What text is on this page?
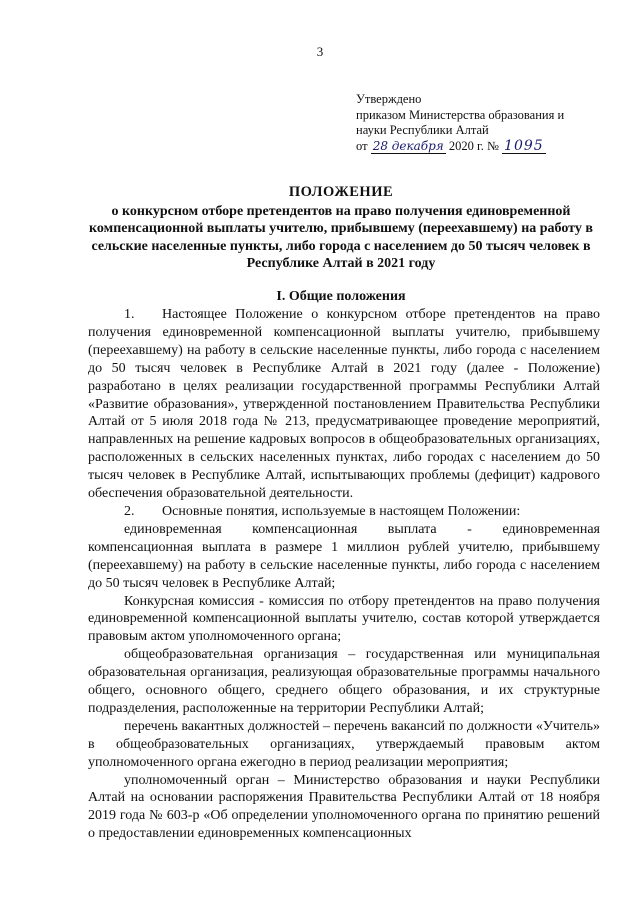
3
Утверждено
приказом Министерства образования и
науки Республики Алтай
от 28 декабря 2020 г. № 1095
ПОЛОЖЕНИЕ
о конкурсном отборе претендентов на право получения единовременной компенсационной выплаты учителю, прибывшему (переехавшему) на работу в сельские населенные пункты, либо города с населением до 50 тысяч человек в Республике Алтай в 2021 году
I. Общие положения

1. Настоящее Положение о конкурсном отборе претендентов на право получения единовременной компенсационной выплаты учителю, прибывшему (переехавшему) на работу в сельские населенные пункты, либо города с населением до 50 тысяч человек в Республике Алтай в 2021 году (далее - Положение) разработано в целях реализации государственной программы Республики Алтай «Развитие образования», утвержденной постановлением Правительства Республики Алтай от 5 июля 2018 года № 213, предусматривающее проведение мероприятий, направленных на решение кадровых вопросов в общеобразовательных организациях, расположенных в сельских населенных пунктах, либо городах с населением до 50 тысяч человек в Республике Алтай, испытывающих проблемы (дефицит) кадрового обеспечения образовательной деятельности.

2. Основные понятия, используемые в настоящем Положении:

единовременная компенсационная выплата - единовременная компенсационная выплата в размере 1 миллион рублей учителю, прибывшему (переехавшему) на работу в сельские населенные пункты, либо города с населением до 50 тысяч человек в Республике Алтай;

Конкурсная комиссия - комиссия по отбору претендентов на право получения единовременной компенсационной выплаты учителю, состав которой утверждается правовым актом уполномоченного органа;

общеобразовательная организация – государственная или муниципальная образовательная организация, реализующая образовательные программы начального общего, основного общего, среднего общего образования, и их структурные подразделения, расположенные на территории Республики Алтай;

перечень вакантных должностей – перечень вакансий по должности «Учитель» в общеобразовательных организациях, утверждаемый правовым актом уполномоченного органа ежегодно в период реализации мероприятия;

уполномоченный орган – Министерство образования и науки Республики Алтай на основании распоряжения Правительства Республики Алтай от 18 ноября 2019 года № 603-р «Об определении уполномоченного органа по принятию решений о предоставлении единовременных компенсационных
